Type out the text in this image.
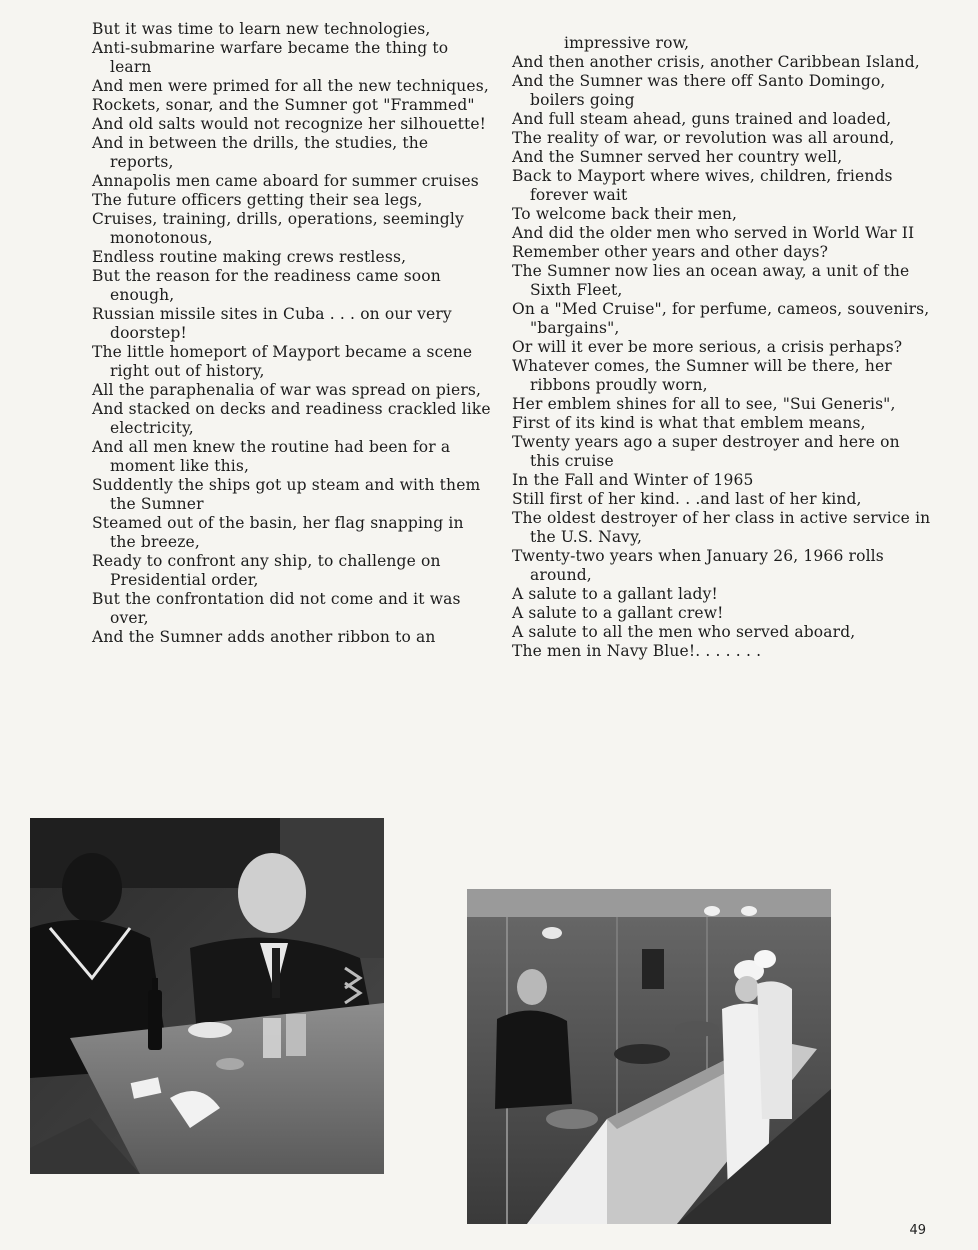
But it was time to learn new technologies,

Anti-submarine warfare became the thing to learn

And men were primed for all the new techniques,

Rockets, sonar, and the Sumner got "Frammed"

And old salts would not recognize her silhouette!

And in between the drills, the studies, the reports,

Annapolis men came aboard for summer cruises

The future officers getting their sea legs,

Cruises, training, drills, operations, seemingly monotonous,

Endless routine making crews restless,

But the reason for the readiness came soon enough,

Russian missile sites in Cuba . . . on our very doorstep!

The little homeport of Mayport became a scene right out of history,

All the paraphenalia of war was spread on piers,

And stacked on decks and readiness crackled like electricity,

And all men knew the routine had been for a moment like this,

Suddently the ships got up steam and with them the Sumner

Steamed out of the basin, her flag snapping in the breeze,

Ready to confront any ship, to challenge on Presidential order,

But the confrontation did not come and it was over,

And the Sumner adds another ribbon to an

impressive row,

And then another crisis, another Caribbean Island,

And the Sumner was there off Santo Domingo, boilers going

And full steam ahead, guns trained and loaded,

The reality of war, or revolution was all around,

And the Sumner served her country well,

Back to Mayport where wives, children, friends forever wait

To welcome back their men,

And did the older men who served in World War II

Remember other years and other days?

The Sumner now lies an ocean away, a unit of the Sixth Fleet,

On a "Med Cruise", for perfume, cameos, souvenirs, "bargains",

Or will it ever be more serious, a crisis perhaps?

Whatever comes, the Sumner will be there, her ribbons proudly worn,

Her emblem shines for all to see, "Sui Generis",

First of its kind is what that emblem means,

Twenty years ago a super destroyer and here on this cruise

In the Fall and Winter of 1965

Still first of her kind. . .and last of her kind,

The oldest destroyer of her class in active service in the U.S. Navy,

Twenty-two years when January 26, 1966 rolls around,

A salute to a gallant lady!

A salute to a gallant crew!

A salute to all the men who served aboard,

The men in Navy Blue!. . . . . . .

49
